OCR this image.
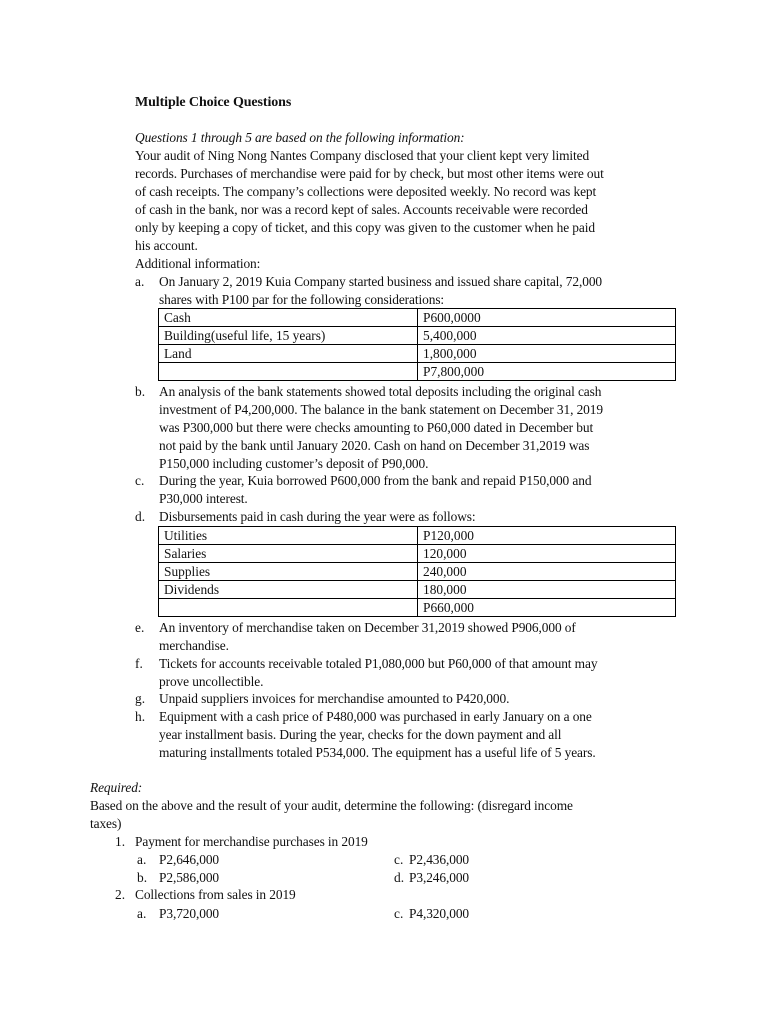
Multiple Choice Questions
Questions 1 through 5 are based on the following information:
Your audit of Ning Nong Nantes Company disclosed that your client kept very limited
records. Purchases of merchandise were paid for by check, but most other items were out
of cash receipts. The company’s collections were deposited weekly. No record was kept
of cash in the bank, nor was a record kept of sales. Accounts receivable were recorded
only by keeping a copy of ticket, and this copy was given to the customer when he paid
his account.
Additional information:
a. On January 2, 2019 Kuia Company started business and issued share capital, 72,000
shares with P100 par for the following considerations:
Cash	P600,0000
Building(useful life, 15 years)	5,400,000
Land	1,800,000
	P7,800,000
b. An analysis of the bank statements showed total deposits including the original cash
investment of P4,200,000. The balance in the bank statement on December 31, 2019
was P300,000 but there were checks amounting to P60,000 dated in December but
not paid by the bank until January 2020. Cash on hand on December 31,2019 was
P150,000 including customer’s deposit of P90,000.
c. During the year, Kuia borrowed P600,000 from the bank and repaid P150,000 and
P30,000 interest.
d. Disbursements paid in cash during the year were as follows:
Utilities	P120,000
Salaries	120,000
Supplies	240,000
Dividends	180,000
	P660,000
e. An inventory of merchandise taken on December 31,2019 showed P906,000 of
merchandise.
f. Tickets for accounts receivable totaled P1,080,000 but P60,000 of that amount may
prove uncollectible.
g. Unpaid suppliers invoices for merchandise amounted to P420,000.
h. Equipment with a cash price of P480,000 was purchased in early January on a one
year installment basis. During the year, checks for the down payment and all
maturing installments totaled P534,000. The equipment has a useful life of 5 years.
Required:
Based on the above and the result of your audit, determine the following: (disregard income
taxes)
1. Payment for merchandise purchases in 2019
a. P2,646,000	c. P2,436,000
b. P2,586,000	d. P3,246,000
2. Collections from sales in 2019
a. P3,720,000	c. P4,320,000
